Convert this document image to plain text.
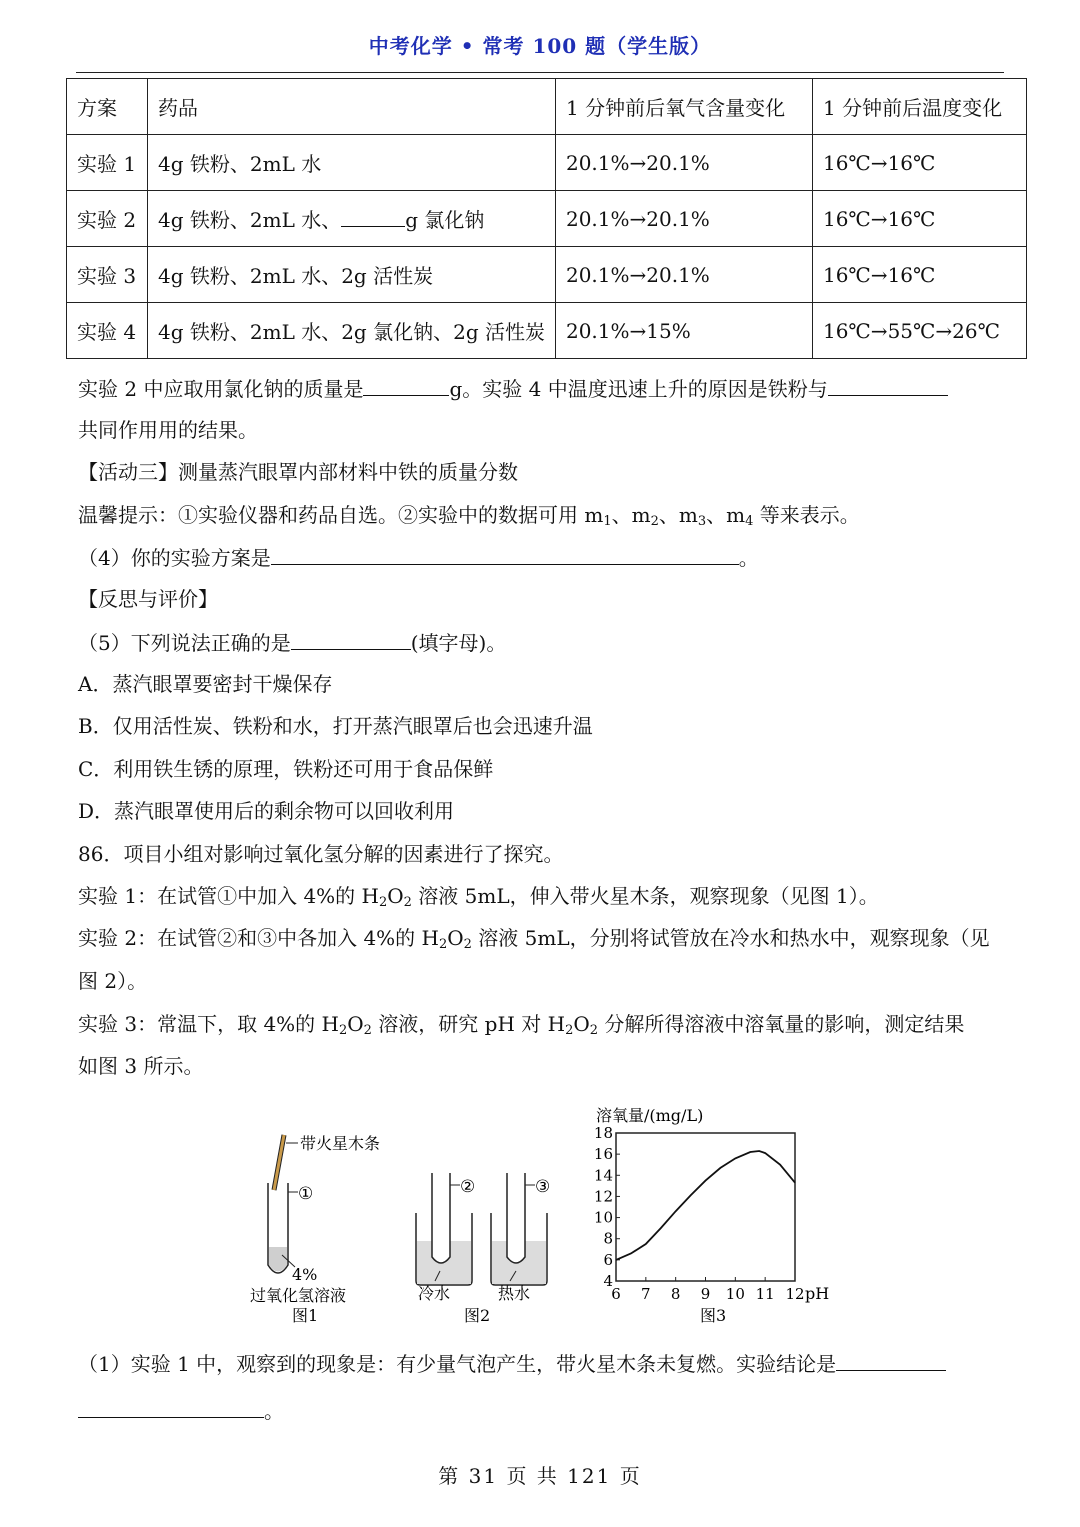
中考化学 • 常考 100 题（学生版）
方案	药品	1 分钟前后氧气含量变化	1 分钟前后温度变化
实验 1	4g 铁粉、2mL 水	20.1%→20.1%	16℃→16℃
实验 2	4g 铁粉、2mL 水、 g 氯化钠	20.1%→20.1%	16℃→16℃
实验 3	4g 铁粉、2mL 水、2g 活性炭	20.1%→20.1%	16℃→16℃
实验 4	4g 铁粉、2mL 水、2g 氯化钠、2g 活性炭	20.1%→15%	16℃→55℃→26℃
实验 2 中应取用氯化钠的质量是	g。实验 4 中温度迅速上升的原因是铁粉与
共同作用用的结果。
【活动三】测量蒸汽眼罩内部材料中铁的质量分数
温馨提示：①实验仪器和药品自选。②实验中的数据可用 $m_1$、$m_2$、$m_3$、$m_4$ 等来表示。
（4）你的实验方案是	。
【反思与评价】
（5）下列说法正确的是	(填字母)。
A．蒸汽眼罩要密封干燥保存
B．仅用活性炭、铁粉和水，打开蒸汽眼罩后也会迅速升温
C．利用铁生锈的原理，铁粉还可用于食品保鲜
D．蒸汽眼罩使用后的剩余物可以回收利用
86．项目小组对影响过氧化氢分解的因素进行了探究。
实验 1：在试管①中加入 4%的 $H_2O_2$ 溶液 5mL，伸入带火星木条，观察现象（见图 1）。
实验 2：在试管②和③中各加入 4%的 $H_2O_2$ 溶液 5mL，分别将试管放在冷水和热水中，观察现象（见
图 2）。
实验 3：常温下，取 4%的 $H_2O_2$ 溶液，研究 pH 对 $H_2O_2$ 分解所得溶液中溶氧量的影响，测定结果
如图 3 所示。
带火星木条
①
4%
过氧化氢溶液
图1
②	③
冷水	热水
图2
溶氧量/(mg/L)
4
6
8
10
12
14
16
18
6 7 8 9 10 11 12 pH
图3
（1）实验 1 中，观察到的现象是：有少量气泡产生，带火星木条未复燃。实验结论是
。
第 31 页 共 121 页
